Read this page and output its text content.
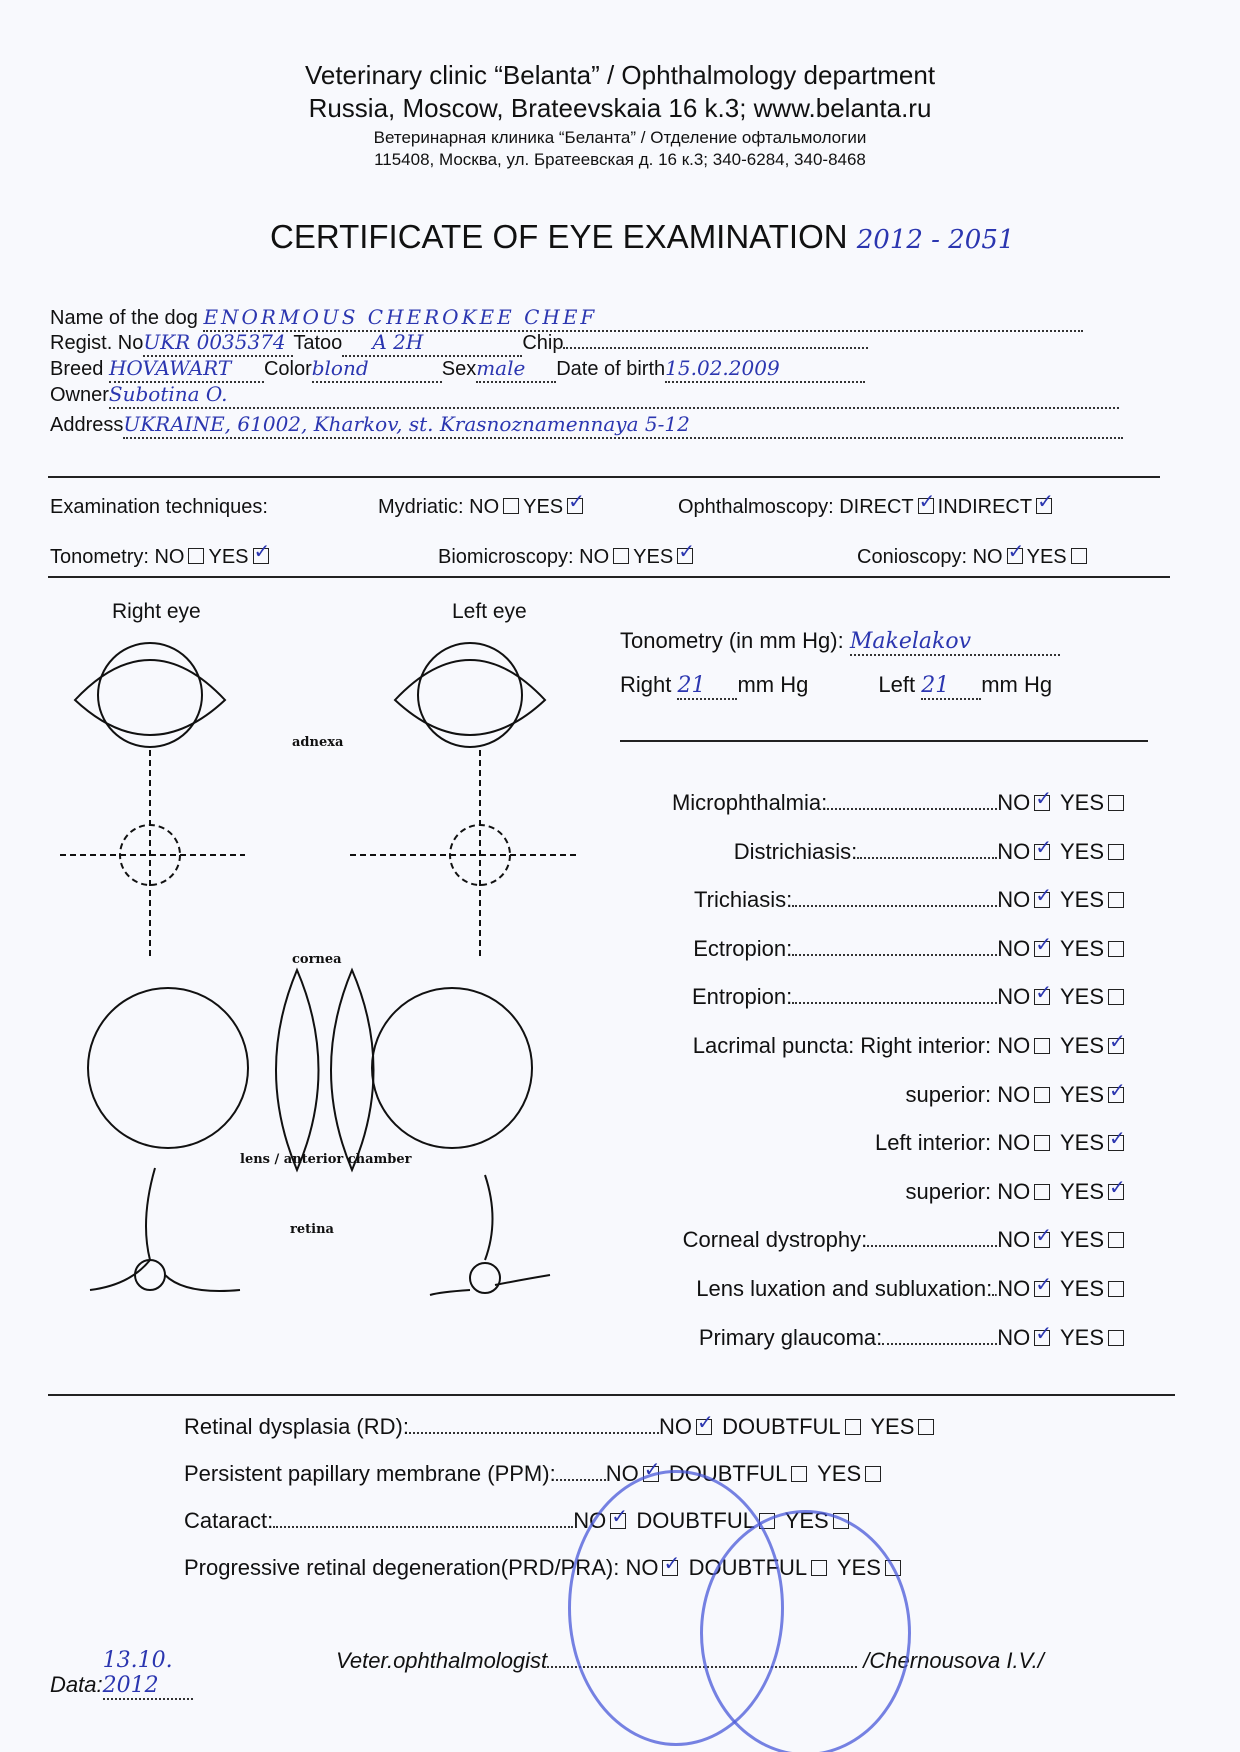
Veterinary clinic “Belanta” / Ophthalmology department
Russia, Moscow, Brateevskaia 16 k.3; www.belanta.ru
Ветеринарная клиника “Беланта” / Отделение офтальмологии
115408, Москва, ул. Братеевская д. 16 к.3; 340-6284, 340-8468
CERTIFICATE OF EYE EXAMINATION 2012 - 2051
Name of the dog ENORMOUS CHEROKEE CHEF
Regist. NoUKR 0035374 Tatoo A 2H	Chip
Breed HOVAWART Colorblond	Sexmale Date of birth15.02.2009
OwnerSubotina O.
AddressUKRAINE, 61002, Kharkov, st. Krasnoznamennaya 5-12
Examination techniques:	Mydriatic: NO YES ✓	Ophthalmoscopy: DIRECT ✓ INDIRECT✓
Tonometry: NO YES ✓	Biomicroscopy: NO YES ✓	Conioscopy: NO ✓ YES
Right eye	Left eye
adnexa
cornea
lens / anterior chamber
retina
Tonometry (in mm Hg): Makelakov
Right 21 mm Hg	Left 21 mm Hg
Microphthalmia:	NO ✓ YES
Districhiasis:	NO ✓ YES
Trichiasis:	NO ✓ YES
Ectropion:	NO ✓ YES
Entropion:	NO ✓ YES
Lacrimal puncta: Right interior: NO YES✓
superior: NO YES✓
Left interior: NO YES✓
superior: NO YES✓
Corneal dystrophy:	NO ✓ YES
Lens luxation and subluxation: NO ✓ YES
Primary glaucoma:	NO ✓ YES
Retinal dysplasia (RD):	NO ✓ DOUBTFUL YES
Persistent papillary membrane (PPM): NO ✓ DOUBTFUL YES
Cataract:	NO ✓ DOUBTFUL YES
Progressive retinal degeneration(PRD/PRA): NO ✓ DOUBTFUL YES
Data:13.10. 2012
Veter.ophthalmologist	/Chernousova I.V./
